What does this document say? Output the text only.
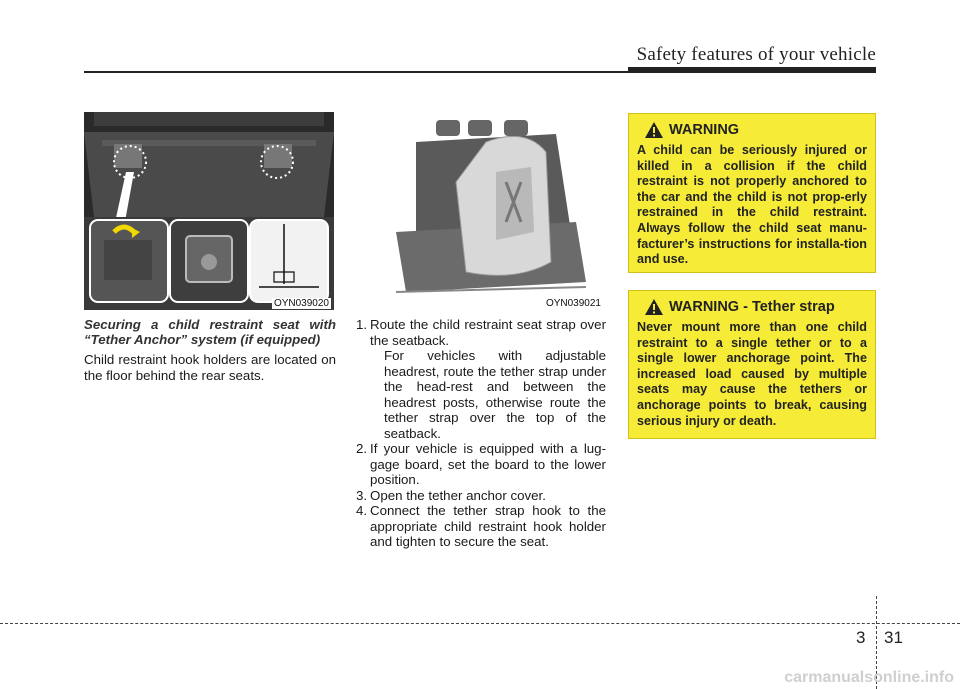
Safety features of your vehicle
OYN039020	OYN039021

Securing a child restraint seat with “Tether Anchor” system (if equipped)

Child restraint hook holders are located on the floor behind the rear seats.

1. Route the child restraint seat strap over the seatback.

For vehicles with adjustable headrest, route the tether strap under the head-rest and between the headrest posts, otherwise route the tether strap over the top of the seatback.

2. If your vehicle is equipped with a lug-gage board, set the board to the lower position.
3. Open the tether anchor cover.
4. Connect the tether strap hook to the appropriate child restraint hook holder and tighten to secure the seat.
WARNING

A child can be seriously injured or killed in a collision if the child restraint is not properly anchored to the car and the child is not prop-erly restrained in the child restraint. Always follow the child seat manu-facturer’s instructions for installa-tion and use.

WARNING - Tether strap

Never mount more than one child restraint to a single tether or to a single lower anchorage point. The increased load caused by multiple seats may cause the tethers or anchorage points to break, causing serious injury or death.

3 31
carmanualsonline.info
